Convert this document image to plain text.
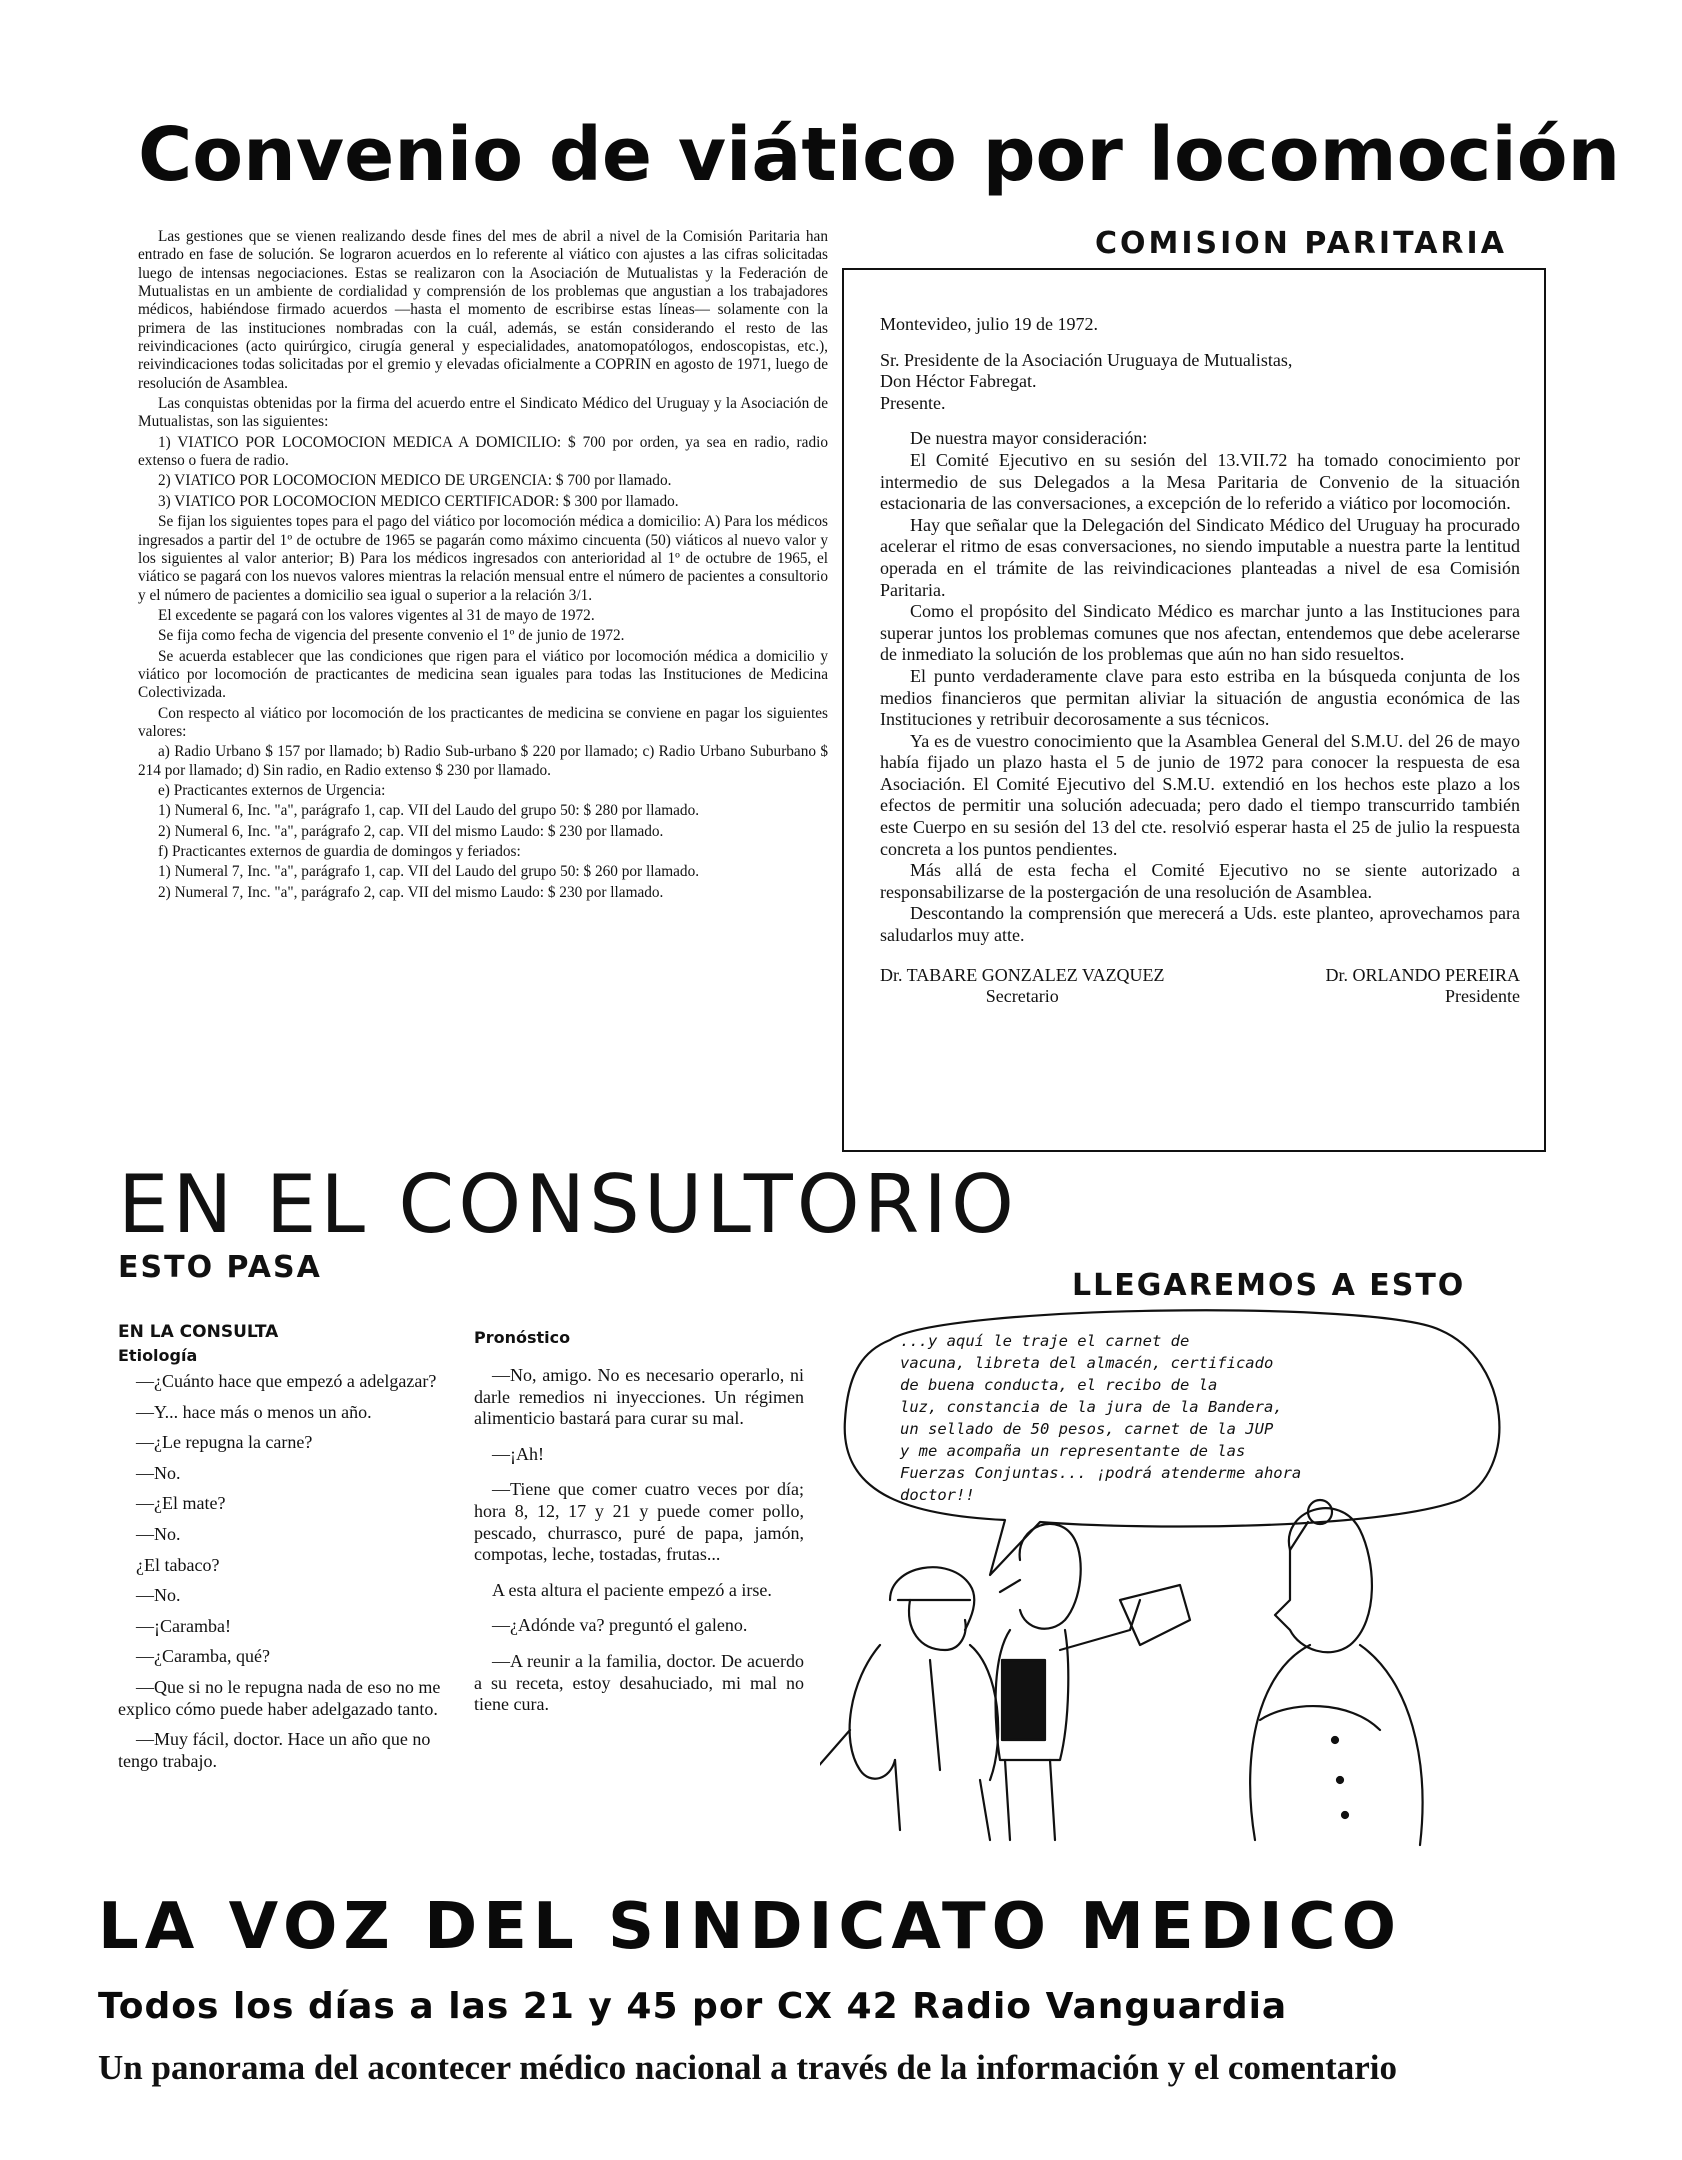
Convenio de viático por locomoción

Las gestiones que se vienen realizando desde fines del mes de abril a nivel de la Comisión Paritaria han entrado en fase de solución. Se lograron acuerdos en lo referente al viático con ajustes a las cifras solicitadas luego de intensas negociaciones. Estas se realizaron con la Asociación de Mutualistas y la Federación de Mutualistas en un ambiente de cordialidad y comprensión de los problemas que angustian a los trabajadores médicos, habiéndose firmado acuerdos —hasta el momento de escribirse estas líneas— solamente con la primera de las instituciones nombradas con la cuál, además, se están considerando el resto de las reivindicaciones (acto quirúrgico, cirugía general y especialidades, anatomopatólogos, endoscopistas, etc.), reivindicaciones todas solicitadas por el gremio y elevadas oficialmente a COPRIN en agosto de 1971, luego de resolución de Asamblea.

Las conquistas obtenidas por la firma del acuerdo entre el Sindicato Médico del Uruguay y la Asociación de Mutualistas, son las siguientes:

1) VIATICO POR LOCOMOCION MEDICA A DOMICILIO: $ 700 por orden, ya sea en radio, radio extenso o fuera de radio.

2) VIATICO POR LOCOMOCION MEDICO DE URGENCIA: $ 700 por llamado.

3) VIATICO POR LOCOMOCION MEDICO CERTIFICADOR: $ 300 por llamado.

Se fijan los siguientes topes para el pago del viático por locomoción médica a domicilio: A) Para los médicos ingresados a partir del 1º de octubre de 1965 se pagarán como máximo cincuenta (50) viáticos al nuevo valor y los siguientes al valor anterior; B) Para los médicos ingresados con anterioridad al 1º de octubre de 1965, el viático se pagará con los nuevos valores mientras la relación mensual entre el número de pacientes a consultorio y el número de pacientes a domicilio sea igual o superior a la relación 3/1.

El excedente se pagará con los valores vigentes al 31 de mayo de 1972.

Se fija como fecha de vigencia del presente convenio el 1º de junio de 1972.

Se acuerda establecer que las condiciones que rigen para el viático por locomoción médica a domicilio y viático por locomoción de practicantes de medicina sean iguales para todas las Instituciones de Medicina Colectivizada.

Con respecto al viático por locomoción de los practicantes de medicina se conviene en pagar los siguientes valores:

a) Radio Urbano $ 157 por llamado; b) Radio Sub-urbano $ 220 por llamado; c) Radio Urbano Suburbano $ 214 por llamado; d) Sin radio, en Radio extenso $ 230 por llamado.

e) Practicantes externos de Urgencia:

1) Numeral 6, Inc. "a", parágrafo 1, cap. VII del Laudo del grupo 50: $ 280 por llamado.

2) Numeral 6, Inc. "a", parágrafo 2, cap. VII del mismo Laudo: $ 230 por llamado.

f) Practicantes externos de guardia de domingos y feriados:

1) Numeral 7, Inc. "a", parágrafo 1, cap. VII del Laudo del grupo 50: $ 260 por llamado.

2) Numeral 7, Inc. "a", parágrafo 2, cap. VII del mismo Laudo: $ 230 por llamado.

COMISION PARITARIA

Montevideo, julio 19 de 1972.

Sr. Presidente de la Asociación Uruguaya de Mutualistas,
Don Héctor Fabregat.
Presente.

De nuestra mayor consideración:

El Comité Ejecutivo en su sesión del 13.VII.72 ha tomado conocimiento por intermedio de sus Delegados a la Mesa Paritaria de Convenio de la situación estacionaria de las conversaciones, a excepción de lo referido a viático por locomoción.

Hay que señalar que la Delegación del Sindicato Médico del Uruguay ha procurado acelerar el ritmo de esas conversaciones, no siendo imputable a nuestra parte la lentitud operada en el trámite de las reivindicaciones planteadas a nivel de esa Comisión Paritaria.

Como el propósito del Sindicato Médico es marchar junto a las Instituciones para superar juntos los problemas comunes que nos afectan, entendemos que debe acelerarse de inmediato la solución de los problemas que aún no han sido resueltos.

El punto verdaderamente clave para esto estriba en la búsqueda conjunta de los medios financieros que permitan aliviar la situación de angustia económica de las Instituciones y retribuir decorosamente a sus técnicos.

Ya es de vuestro conocimiento que la Asamblea General del S.M.U. del 26 de mayo había fijado un plazo hasta el 5 de junio de 1972 para conocer la respuesta de esa Asociación. El Comité Ejecutivo del S.M.U. extendió en los hechos este plazo a los efectos de permitir una solución adecuada; pero dado el tiempo transcurrido también este Cuerpo en su sesión del 13 del cte. resolvió esperar hasta el 25 de julio la respuesta concreta a los puntos pendientes.

Más allá de esta fecha el Comité Ejecutivo no se siente autorizado a responsabilizarse de la postergación de una resolución de Asamblea.

Descontando la comprensión que merecerá a Uds. este planteo, aprovechamos para saludarlos muy atte.

Dr. TABARE GONZALEZ VAZQUEZ
Secretario
Dr. ORLANDO PEREIRA
Presidente
EN EL CONSULTORIO
ESTO PASA
LLEGAREMOS A ESTO
EN LA CONSULTA
Etiología
—¿Cuánto hace que empezó a adelgazar?
—Y... hace más o menos un año.
—¿Le repugna la carne?
—No.
—¿El mate?
—No.
¿El tabaco?
—No.
—¡Caramba!
—¿Caramba, qué?
—Que si no le repugna nada de eso no me explico cómo puede haber adelgazado tanto.
—Muy fácil, doctor. Hace un año que no tengo trabajo.
Pronóstico
—No, amigo. No es necesario operarlo, ni darle remedios ni inyecciones. Un régimen alimenticio bastará para curar su mal.
—¡Ah!
—Tiene que comer cuatro veces por día; hora 8, 12, 17 y 21 y puede comer pollo, pescado, churrasco, puré de papa, jamón, compotas, leche, tostadas, frutas...
A esta altura el paciente empezó a irse.
—¿Adónde va? preguntó el galeno.
—A reunir a la familia, doctor. De acuerdo a su receta, estoy desahuciado, mi mal no tiene cura.
...y aquí le traje el carnet de
vacuna, libreta del almacén, certificado
de buena conducta, el recibo de la
luz, constancia de la jura de la Bandera,
un sellado de 50 pesos, carnet de la JUP
y me acompaña un representante de las
Fuerzas Conjuntas... ¡podrá atenderme ahora
doctor!!
LA VOZ DEL SINDICATO MEDICO
Todos los días a las 21 y 45 por CX 42 Radio Vanguardia
Un panorama del acontecer médico nacional a través de la información y el comentario
